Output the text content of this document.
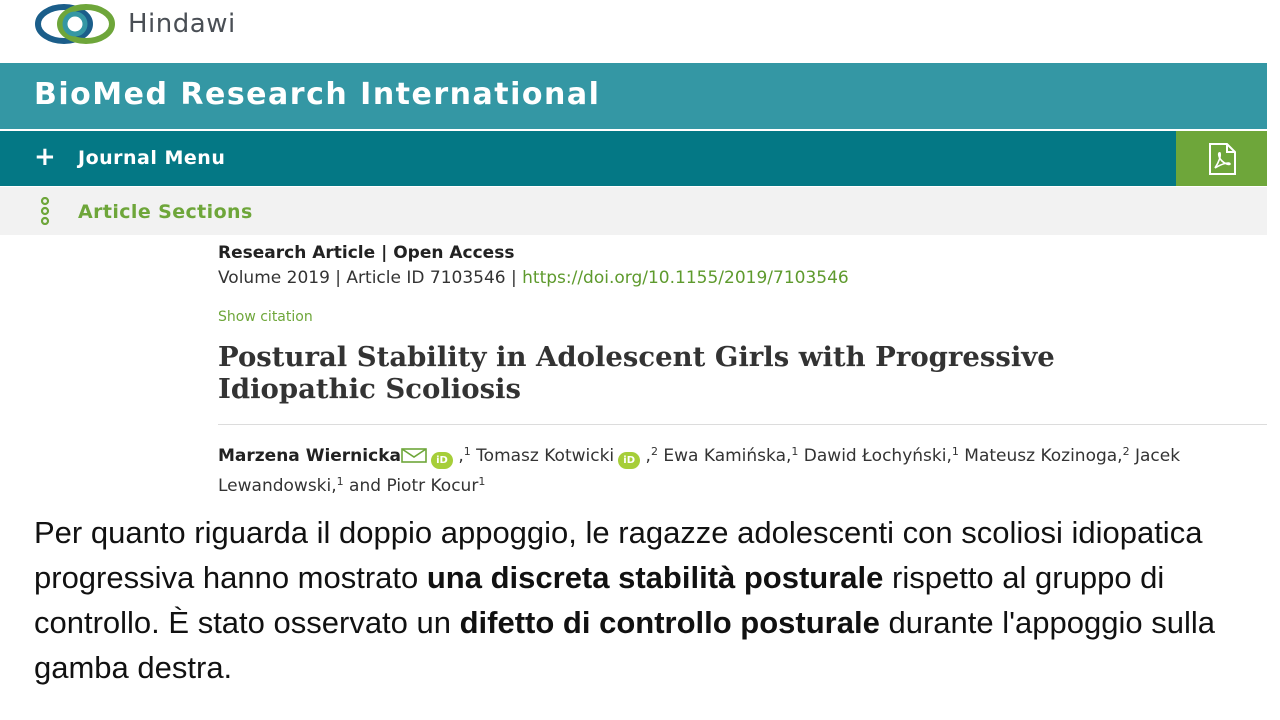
Hindawi
BioMed Research International
+ Journal Menu
Article Sections
Research Article | Open Access
Volume 2019 | Article ID 7103546 | https://doi.org/10.1155/2019/7103546
Show citation
Postural Stability in Adolescent Girls with Progressive Idiopathic Scoliosis
Marzena Wiernicka	iD ,$^1$ Tomasz Kotwicki iD ,$^2$ Ewa Kamińska,$^1$ Dawid Łochyński,$^1$ Mateusz Kozinoga,$^2$ Jacek Lewandowski,$^1$ and Piotr Kocur$^1$
Per quanto riguarda il doppio appoggio, le ragazze adolescenti con scoliosi idiopatica progressiva hanno mostrato una discreta stabilità posturale rispetto al gruppo di controllo. È stato osservato un difetto di controllo posturale durante l'appoggio sulla gamba destra.
